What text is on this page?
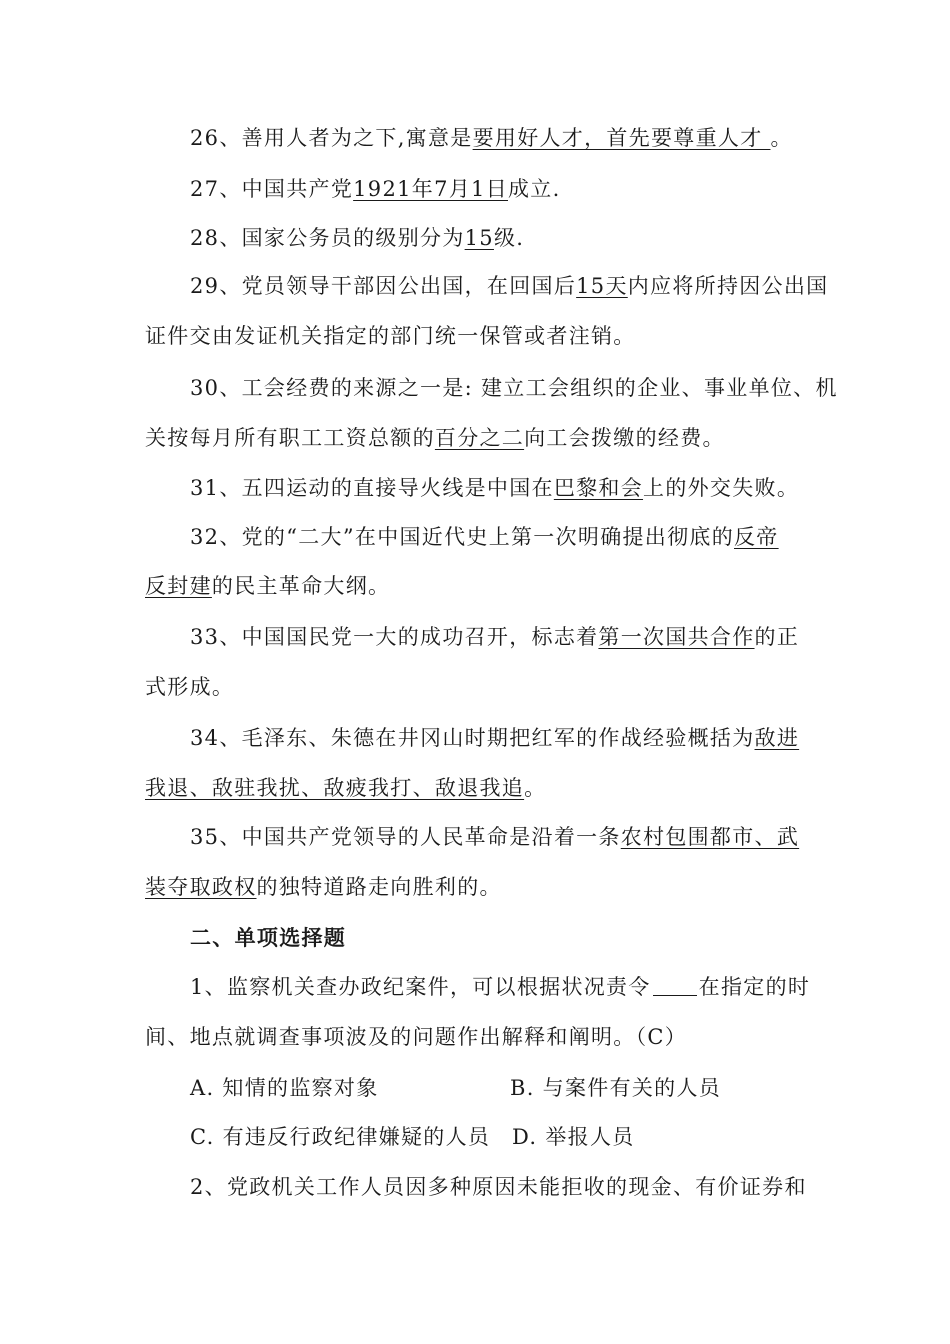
26、善用人者为之下,寓意是要用好人才，首先要尊重人才 。
27、中国共产党1921年7月1日成立.
28、国家公务员的级别分为15级.
29、党员领导干部因公出国，在回国后15天内应将所持因公出国
证件交由发证机关指定的部门统一保管或者注销。
30、工会经费的来源之一是: 建立工会组织的企业、事业单位、机
关按每月所有职工工资总额的百分之二向工会拨缴的经费。
31、五四运动的直接导火线是中国在巴黎和会上的外交失败。
32、党的“二大”在中国近代史上第一次明确提出彻底的反帝
反封建的民主革命大纲。
33、中国国民党一大的成功召开，标志着第一次国共合作的正
式形成。
34、毛泽东、朱德在井冈山时期把红军的作战经验概括为敌进
我退、敌驻我扰、敌疲我打、敌退我追。
35、中国共产党领导的人民革命是沿着一条农村包围都市、武
装夺取政权的独特道路走向胜利的。
二、单项选择题
1、监察机关查办政纪案件，可以根据状况责令 在指定的时
间、地点就调查事项波及的问题作出解释和阐明。（C）
A. 知情的监察对象	B. 与案件有关的人员
C. 有违反行政纪律嫌疑的人员 D. 举报人员
2、党政机关工作人员因多种原因未能拒收的现金、有价证券和
